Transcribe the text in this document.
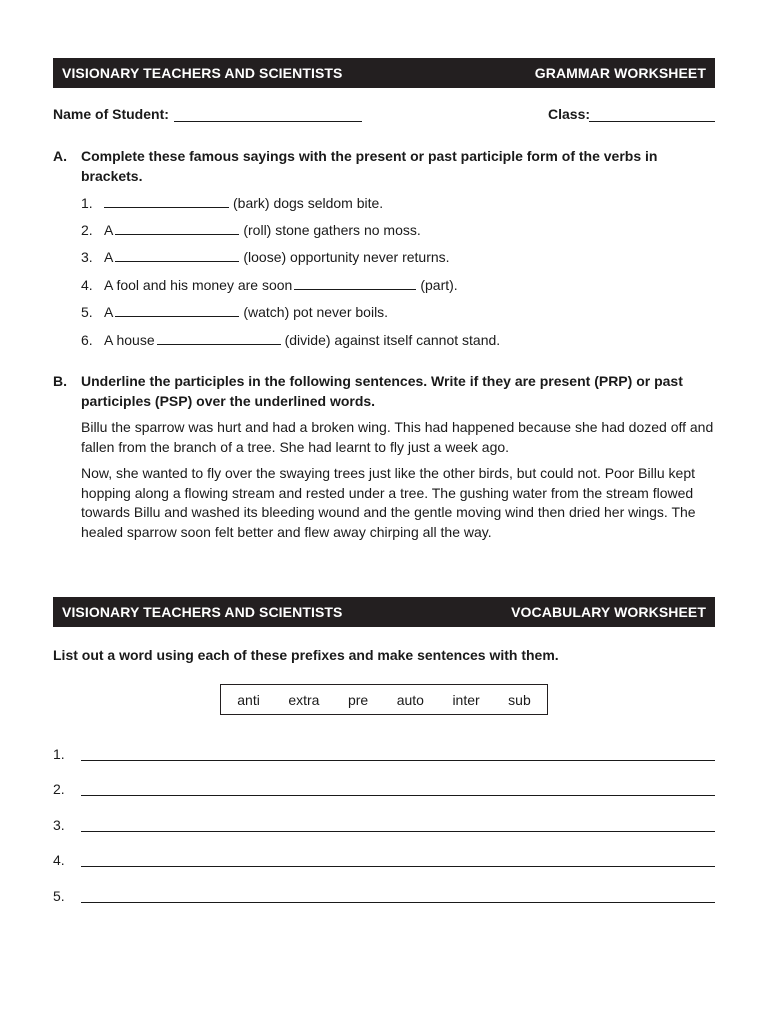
VISIONARY TEACHERS AND SCIENTISTS	GRAMMAR WORKSHEET
Name of Student:	Class:
A. Complete these famous sayings with the present or past participle form of the verbs in brackets.
1.	(bark) dogs seldom bite.
2. A	(roll) stone gathers no moss.
3. A	(loose) opportunity never returns.
4. A fool and his money are soon	(part).
5. A	(watch) pot never boils.
6. A house	(divide) against itself cannot stand.
B. Underline the participles in the following sentences. Write if they are present (PRP) or past participles (PSP) over the underlined words.
Billu the sparrow was hurt and had a broken wing. This had happened because she had dozed off and fallen from the branch of a tree. She had learnt to fly just a week ago.
Now, she wanted to fly over the swaying trees just like the other birds, but could not. Poor Billu kept hopping along a flowing stream and rested under a tree. The gushing water from the stream flowed towards Billu and washed its bleeding wound and the gentle moving wind then dried her wings. The healed sparrow soon felt better and flew away chirping all the way.
VISIONARY TEACHERS AND SCIENTISTS	VOCABULARY WORKSHEET
List out a word using each of these prefixes and make sentences with them.
anti extra pre auto inter sub
1.
2.
3.
4.
5.
